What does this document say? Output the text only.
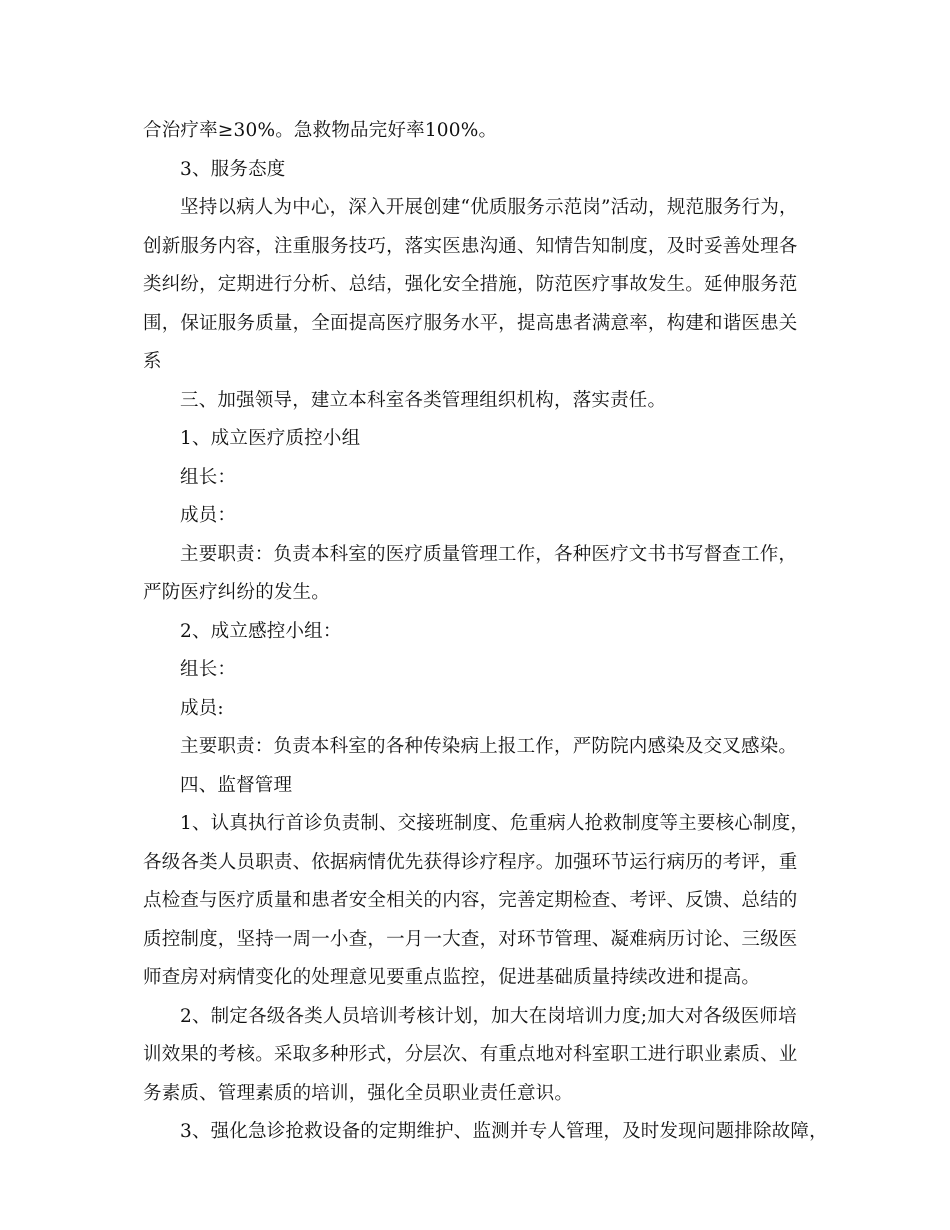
合治疗率≥30%。急救物品完好率100%。
3、服务态度
坚持以病人为中心，深入开展创建“优质服务示范岗”活动，规范服务行为，
创新服务内容，注重服务技巧，落实医患沟通、知情告知制度，及时妥善处理各
类纠纷，定期进行分析、总结，强化安全措施，防范医疗事故发生。延伸服务范
围，保证服务质量，全面提高医疗服务水平，提高患者满意率，构建和谐医患关
系
三、加强领导，建立本科室各类管理组织机构，落实责任。
1、成立医疗质控小组
组长：
成员：
主要职责：负责本科室的医疗质量管理工作，各种医疗文书书写督查工作，
严防医疗纠纷的发生。
2、成立感控小组：
组长：
成员:
主要职责：负责本科室的各种传染病上报工作，严防院内感染及交叉感染。
四、监督管理
1、认真执行首诊负责制、交接班制度、危重病人抢救制度等主要核心制度，
各级各类人员职责、依据病情优先获得诊疗程序。加强环节运行病历的考评，重
点检查与医疗质量和患者安全相关的内容，完善定期检查、考评、反馈、总结的
质控制度，坚持一周一小查，一月一大查，对环节管理、凝难病历讨论、三级医
师查房对病情变化的处理意见要重点监控，促进基础质量持续改进和提高。
2、制定各级各类人员培训考核计划，加大在岗培训力度;加大对各级医师培
训效果的考核。采取多种形式，分层次、有重点地对科室职工进行职业素质、业
务素质、管理素质的培训，强化全员职业责任意识。
3、强化急诊抢救设备的定期维护、监测并专人管理，及时发现问题排除故障，
